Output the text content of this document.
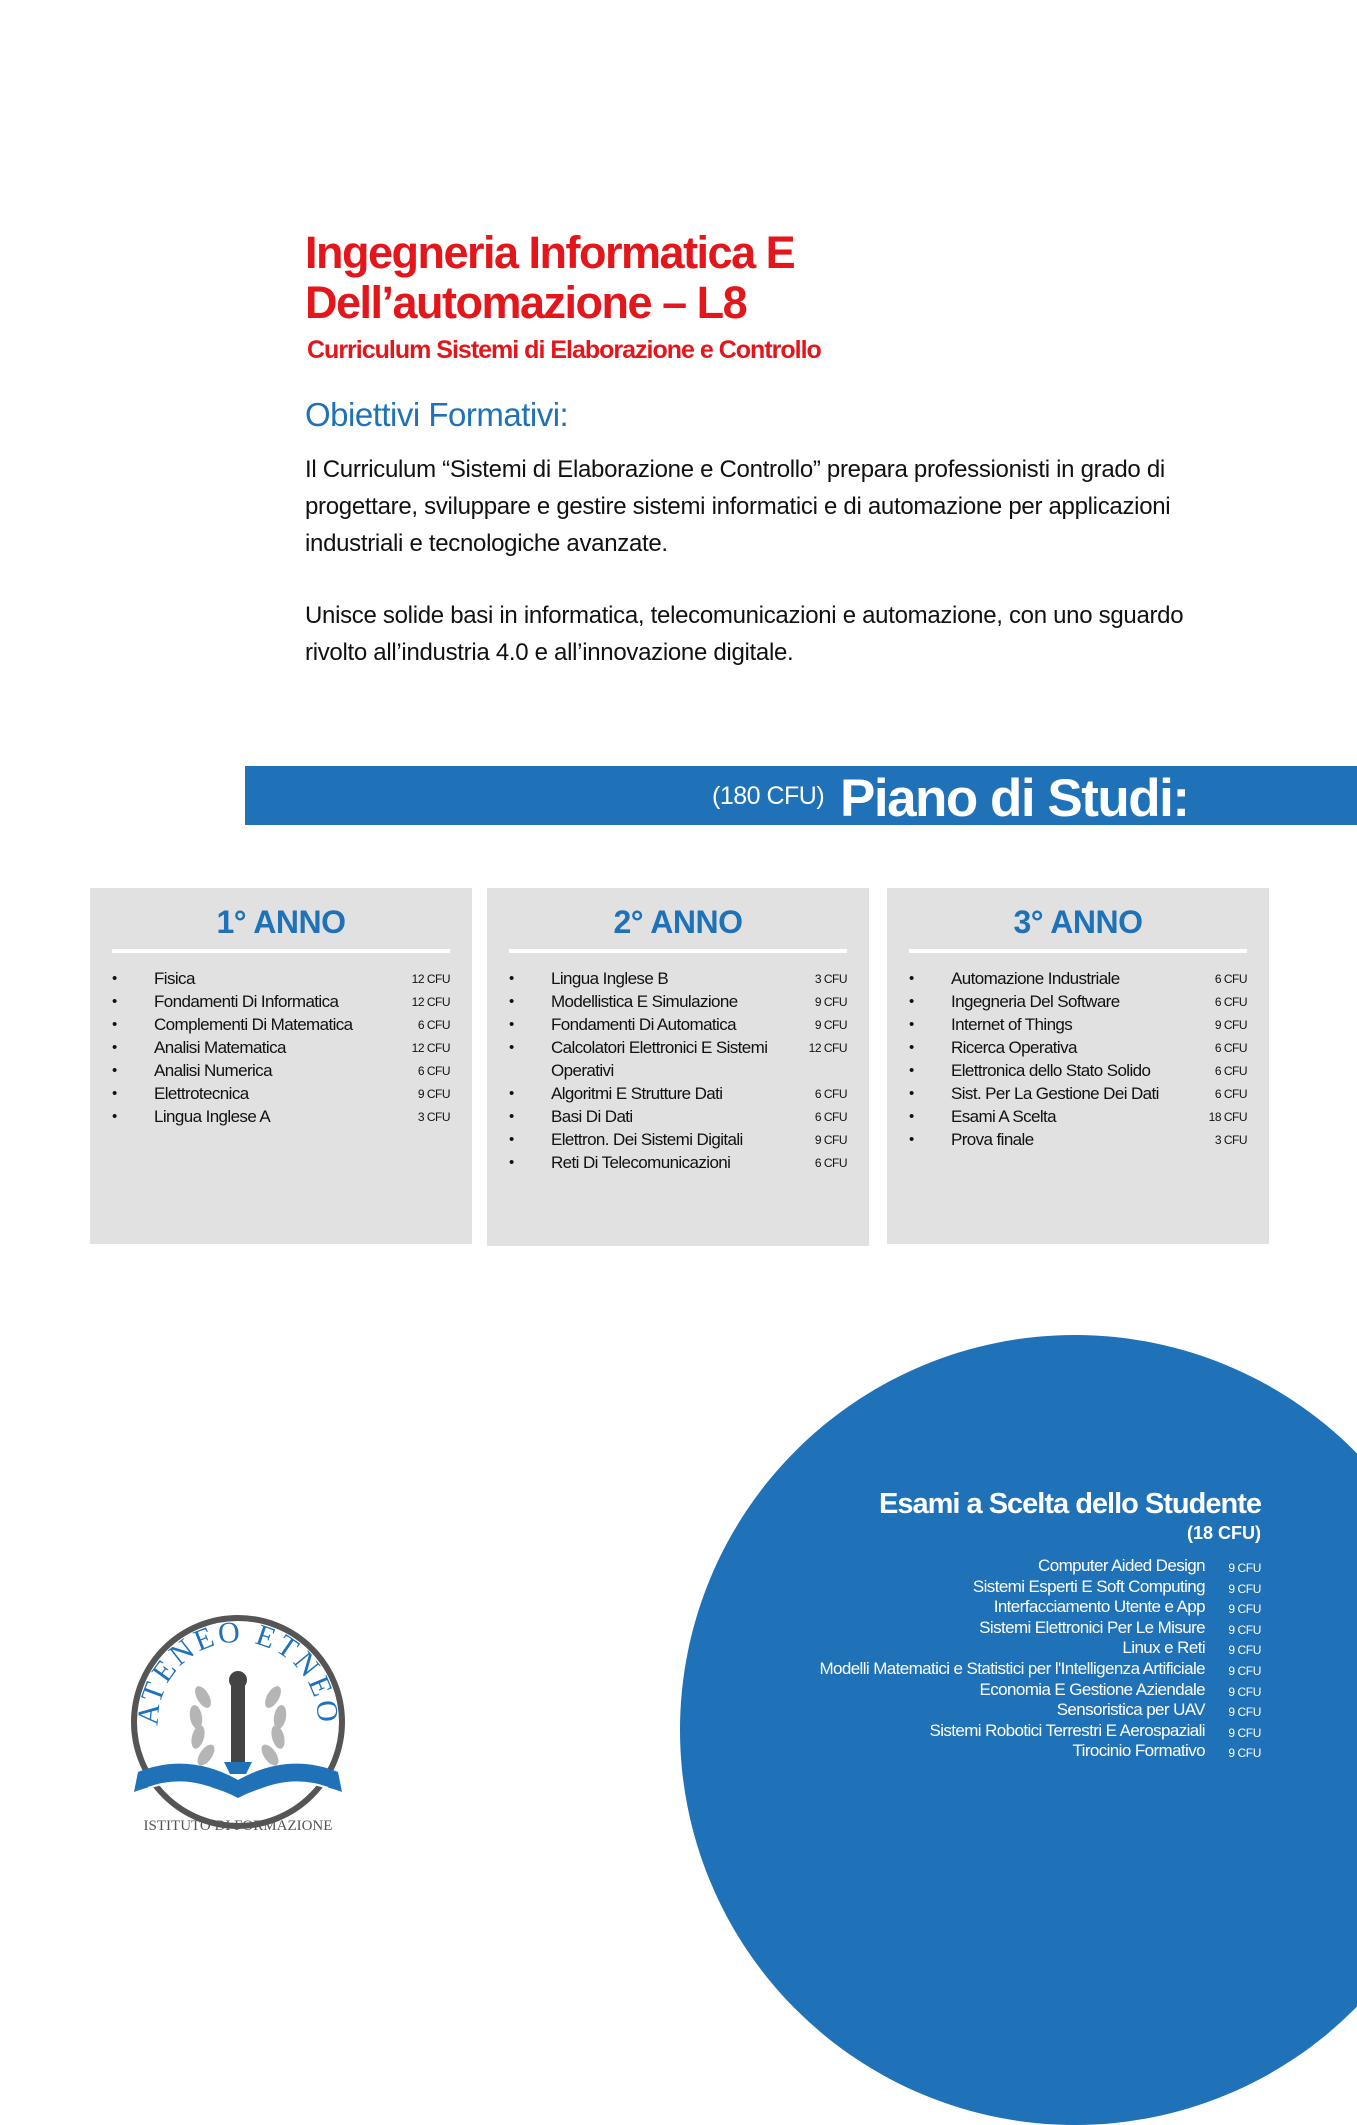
Ingegneria Informatica E
Dell’automazione – L8
Curriculum Sistemi di Elaborazione e Controllo
Obiettivi Formativi:

Il Curriculum “Sistemi di Elaborazione e Controllo” prepara professionisti in grado di progettare, sviluppare e gestire sistemi informatici e di automazione per applicazioni industriali e tecnologiche avanzate.

Unisce solide basi in informatica, telecomunicazioni e automazione, con uno sguardo rivolto all’industria 4.0 e all’innovazione digitale.

(180 CFU) Piano di Studi:
1° ANNO
• Fisica	12 CFU
• Fondamenti Di Informatica	12 CFU
• Complementi Di Matematica	6 CFU
• Analisi Matematica	12 CFU
• Analisi Numerica	6 CFU
• Elettrotecnica	9 CFU
• Lingua Inglese A	3 CFU
2° ANNO
• Lingua Inglese B	3 CFU
• Modellistica E Simulazione	9 CFU
• Fondamenti Di Automatica	9 CFU
• Calcolatori Elettronici E Sistemi Operativi
12 CFU
• Algoritmi E Strutture Dati	6 CFU
• Basi Di Dati	6 CFU
• Elettron. Dei Sistemi Digitali	9 CFU
• Reti Di Telecomunicazioni	6 CFU
3° ANNO
• Automazione Industriale	6 CFU
• Ingegneria Del Software	6 CFU
• Internet of Things	9 CFU
• Ricerca Operativa	6 CFU
• Elettronica dello Stato Solido	6 CFU
• Sist. Per La Gestione Dei Dati	6 CFU
• Esami A Scelta	18 CFU
• Prova finale	3 CFU
Esami a Scelta dello Studente
(18 CFU)
Computer Aided Design 9 CFU
Sistemi Esperti E Soft Computing 9 CFU
Interfacciamento Utente e App 9 CFU
Sistemi Elettronici Per Le Misure 9 CFU
Linux e Reti 9 CFU
Modelli Matematici e Statistici per l'Intelligenza Artificiale 9 CFU
Economia E Gestione Aziendale 9 CFU
Sensoristica per UAV 9 CFU
Sistemi Robotici Terrestri E Aerospaziali 9 CFU
Tirocinio Formativo 9 CFU
ATENEO ETNEO
ISTITUTO DI FORMAZIONE
